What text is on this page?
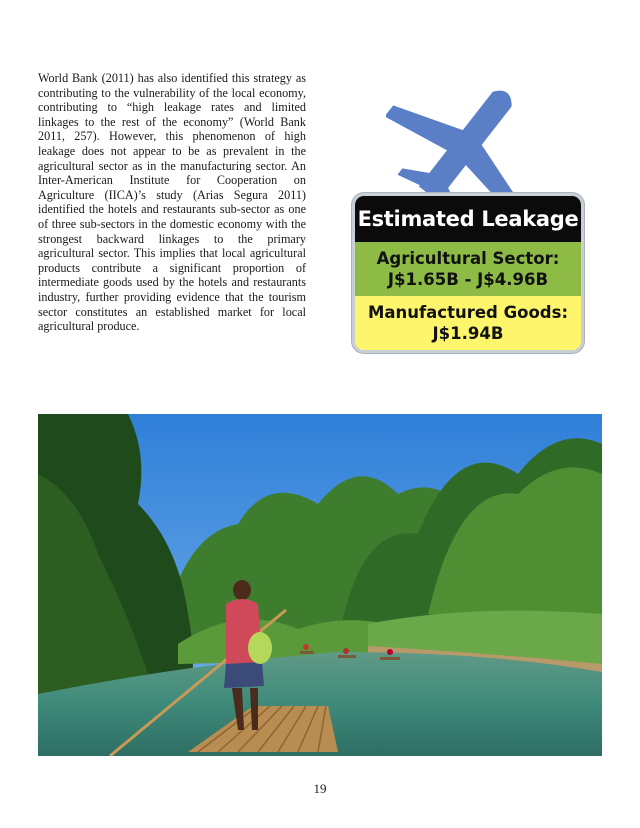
World Bank (2011) has also identified this strategy as contributing to the vulnerability of the local economy, contributing to “high leakage rates and limited linkages to the rest of the economy” (World Bank 2011, 257). However, this phenomenon of high leakage does not appear to be as prevalent in the agricultural sector as in the manufacturing sector. An Inter-American Institute for Cooperation on Agriculture (IICA)’s study (Arias Segura 2011) identified the hotels and restaurants sub-sector as one of three sub-sectors in the domestic economy with the strongest backward linkages to the primary agricultural sector. This implies that local agricultural products contribute a significant proportion of intermediate goods used by the hotels and restaurants industry, further providing evidence that the tourism sector constitutes an established market for local agricultural produce.

Estimated Leakage
Agricultural Sector:
J$1.65B - J$4.96B
Manufactured Goods:
J$1.94B
19
